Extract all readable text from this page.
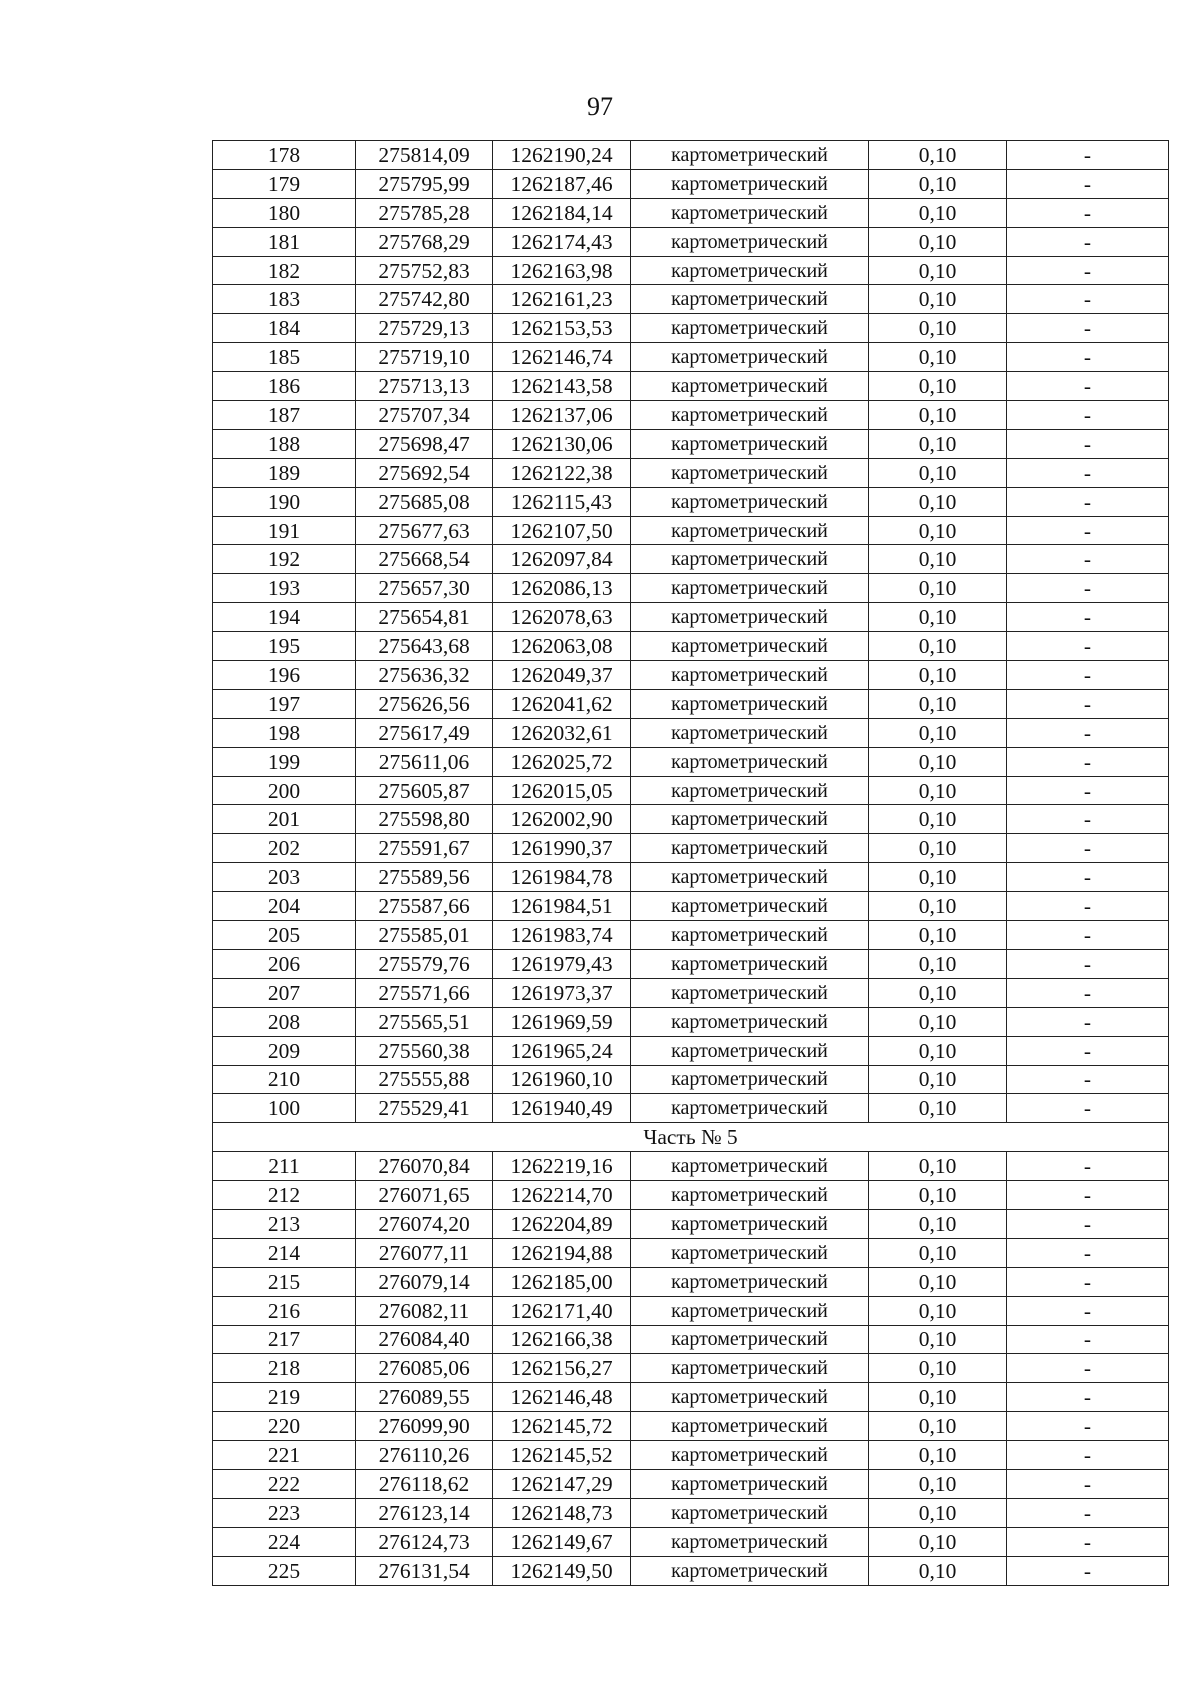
97
178	275814,09	1262190,24	картометрический	0,10	-
179	275795,99	1262187,46	картометрический	0,10	-
180	275785,28	1262184,14	картометрический	0,10	-
181	275768,29	1262174,43	картометрический	0,10	-
182	275752,83	1262163,98	картометрический	0,10	-
183	275742,80	1262161,23	картометрический	0,10	-
184	275729,13	1262153,53	картометрический	0,10	-
185	275719,10	1262146,74	картометрический	0,10	-
186	275713,13	1262143,58	картометрический	0,10	-
187	275707,34	1262137,06	картометрический	0,10	-
188	275698,47	1262130,06	картометрический	0,10	-
189	275692,54	1262122,38	картометрический	0,10	-
190	275685,08	1262115,43	картометрический	0,10	-
191	275677,63	1262107,50	картометрический	0,10	-
192	275668,54	1262097,84	картометрический	0,10	-
193	275657,30	1262086,13	картометрический	0,10	-
194	275654,81	1262078,63	картометрический	0,10	-
195	275643,68	1262063,08	картометрический	0,10	-
196	275636,32	1262049,37	картометрический	0,10	-
197	275626,56	1262041,62	картометрический	0,10	-
198	275617,49	1262032,61	картометрический	0,10	-
199	275611,06	1262025,72	картометрический	0,10	-
200	275605,87	1262015,05	картометрический	0,10	-
201	275598,80	1262002,90	картометрический	0,10	-
202	275591,67	1261990,37	картометрический	0,10	-
203	275589,56	1261984,78	картометрический	0,10	-
204	275587,66	1261984,51	картометрический	0,10	-
205	275585,01	1261983,74	картометрический	0,10	-
206	275579,76	1261979,43	картометрический	0,10	-
207	275571,66	1261973,37	картометрический	0,10	-
208	275565,51	1261969,59	картометрический	0,10	-
209	275560,38	1261965,24	картометрический	0,10	-
210	275555,88	1261960,10	картометрический	0,10	-
100	275529,41	1261940,49	картометрический	0,10	-
Часть № 5					
211	276070,84	1262219,16	картометрический	0,10	-
212	276071,65	1262214,70	картометрический	0,10	-
213	276074,20	1262204,89	картометрический	0,10	-
214	276077,11	1262194,88	картометрический	0,10	-
215	276079,14	1262185,00	картометрический	0,10	-
216	276082,11	1262171,40	картометрический	0,10	-
217	276084,40	1262166,38	картометрический	0,10	-
218	276085,06	1262156,27	картометрический	0,10	-
219	276089,55	1262146,48	картометрический	0,10	-
220	276099,90	1262145,72	картометрический	0,10	-
221	276110,26	1262145,52	картометрический	0,10	-
222	276118,62	1262147,29	картометрический	0,10	-
223	276123,14	1262148,73	картометрический	0,10	-
224	276124,73	1262149,67	картометрический	0,10	-
225	276131,54	1262149,50	картометрический	0,10	-
